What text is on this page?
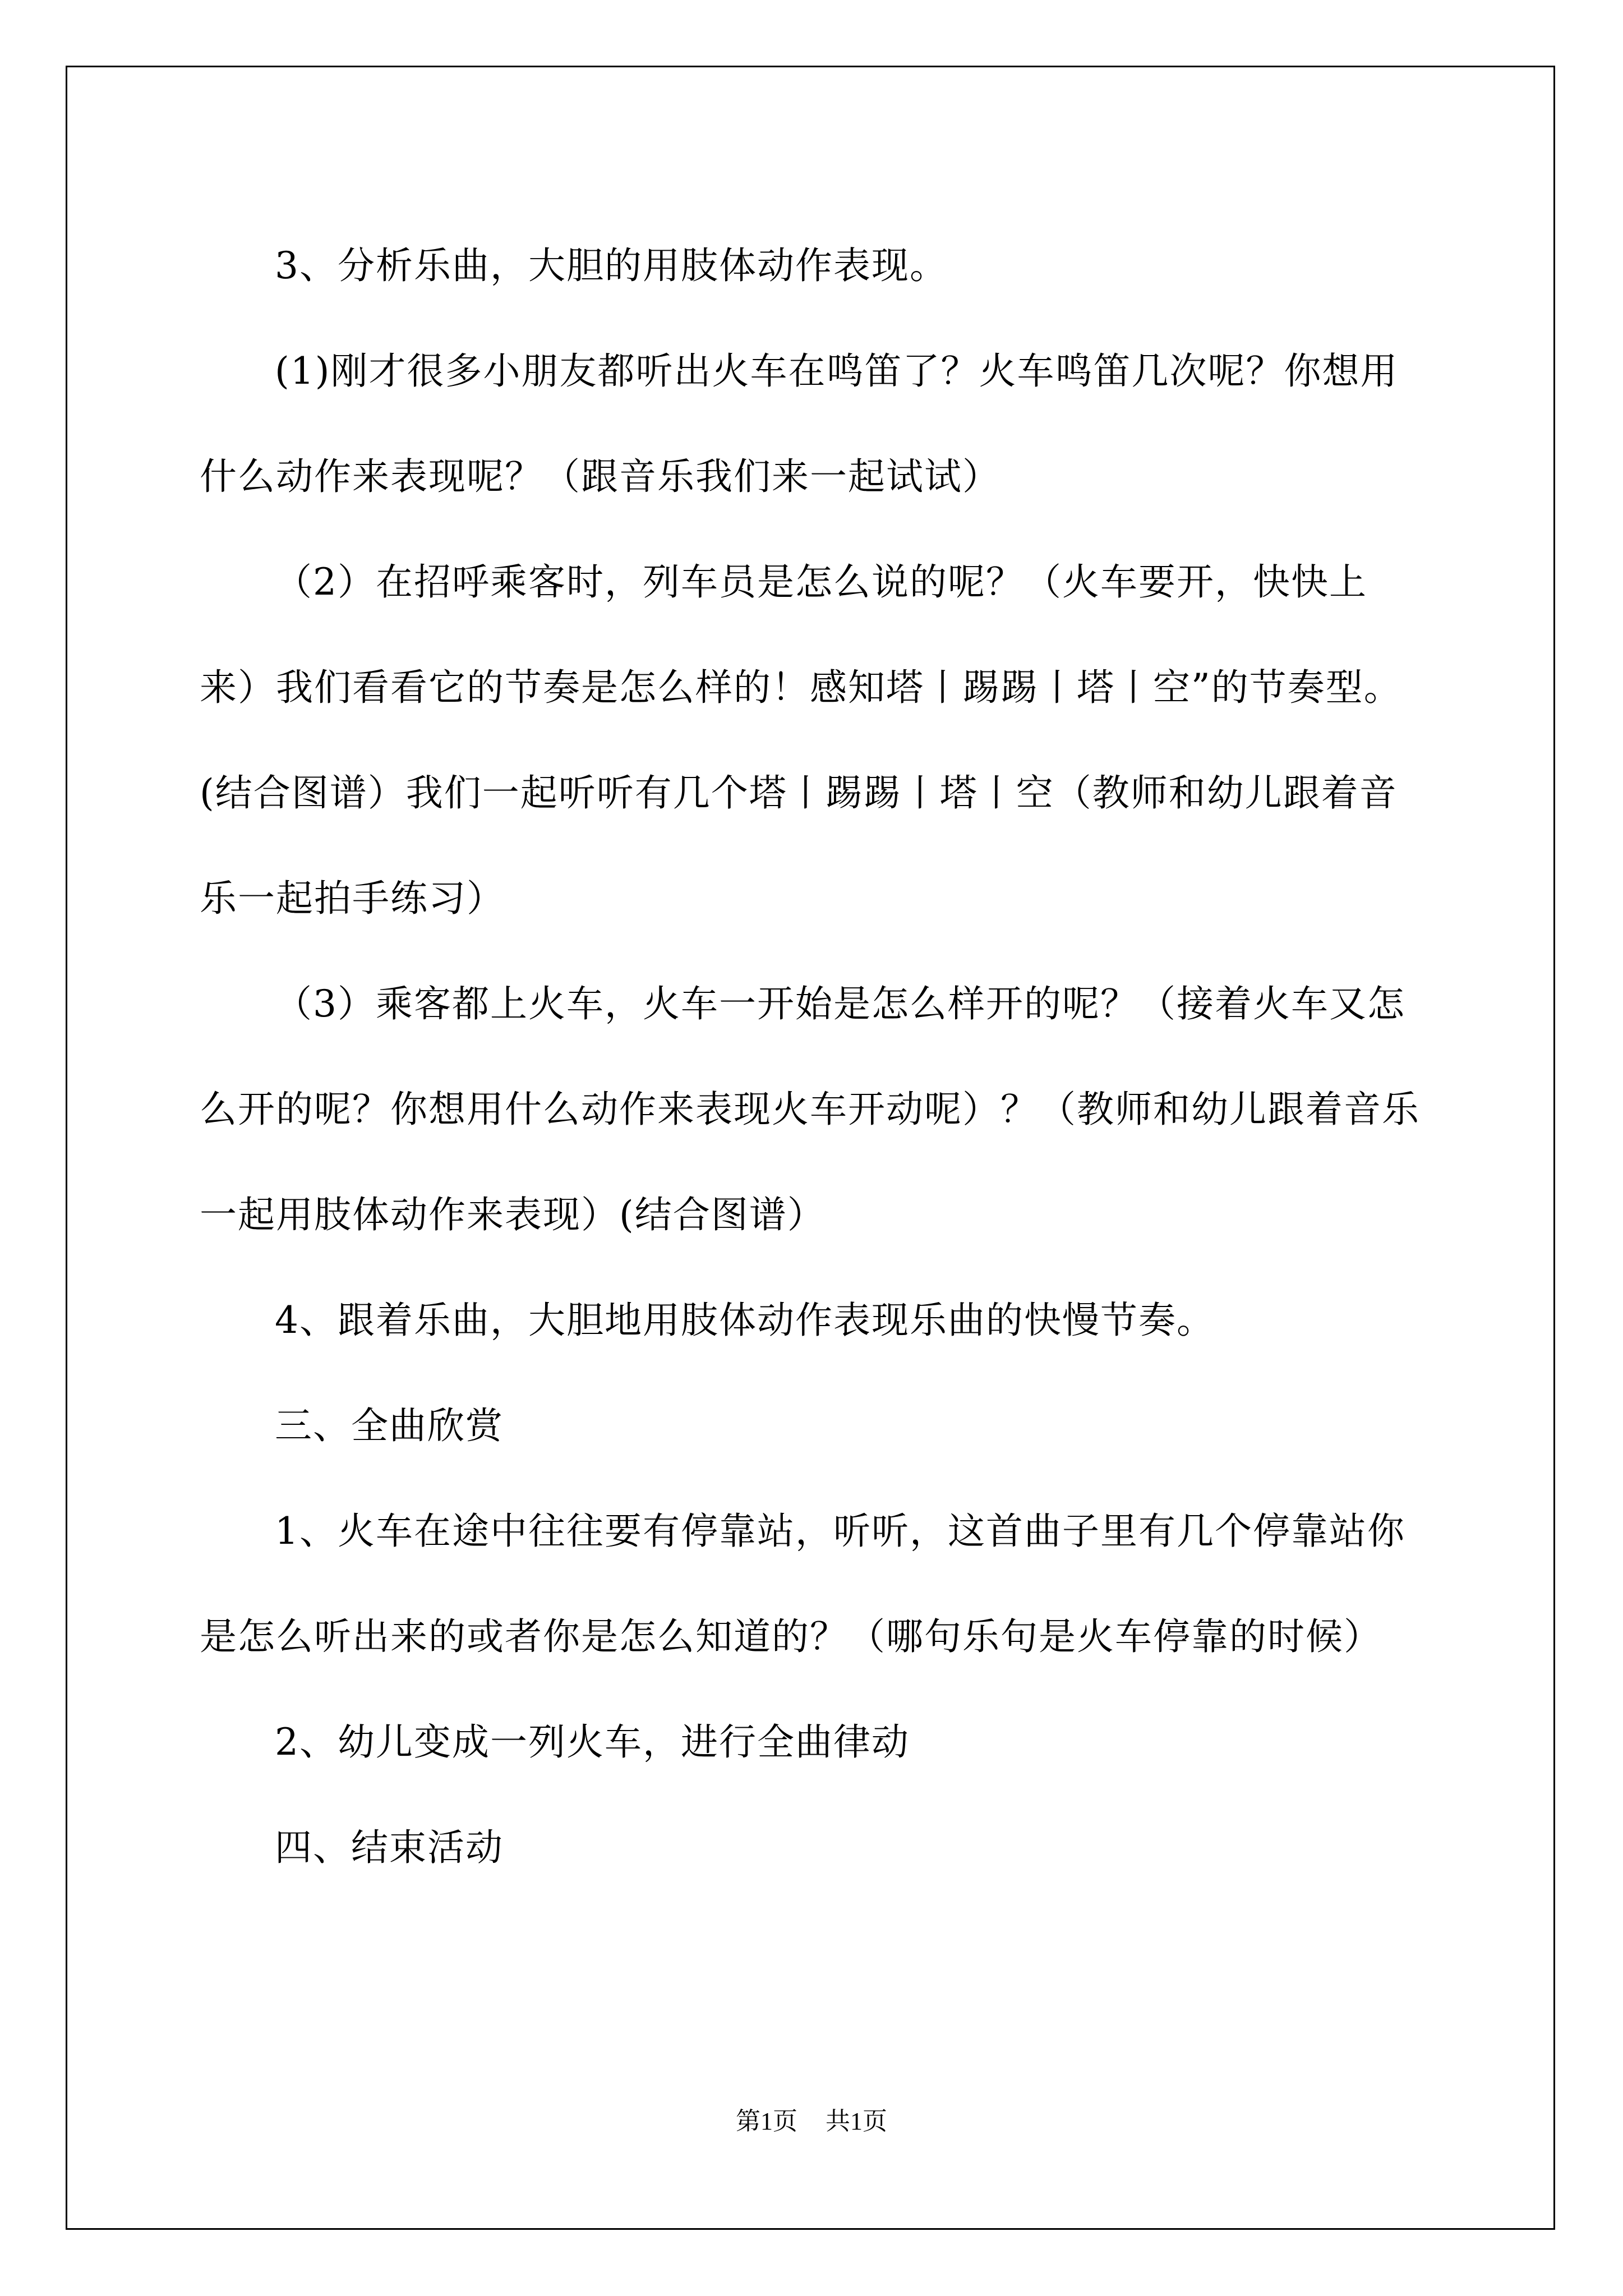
3、分析乐曲，大胆的用肢体动作表现。

(1)刚才很多小朋友都听出火车在鸣笛了？火车鸣笛几次呢？你想用什么动作来表现呢？（跟音乐我们来一起试试）

（2）在招呼乘客时，列车员是怎么说的呢？（火车要开，快快上来）我们看看它的节奏是怎么样的！感知塔丨踢踢丨塔丨空”的节奏型。(结合图谱）我们一起听听有几个塔丨踢踢丨塔丨空（教师和幼儿跟着音乐一起拍手练习）

（3）乘客都上火车，火车一开始是怎么样开的呢？（接着火车又怎么开的呢？你想用什么动作来表现火车开动呢）？（教师和幼儿跟着音乐一起用肢体动作来表现）(结合图谱）

4、跟着乐曲，大胆地用肢体动作表现乐曲的快慢节奏。

三、全曲欣赏

1、火车在途中往往要有停靠站，听听，这首曲子里有几个停靠站你是怎么听出来的或者你是怎么知道的？（哪句乐句是火车停靠的时候）

2、幼儿变成一列火车，进行全曲律动

四、结束活动

第1页 共1页
